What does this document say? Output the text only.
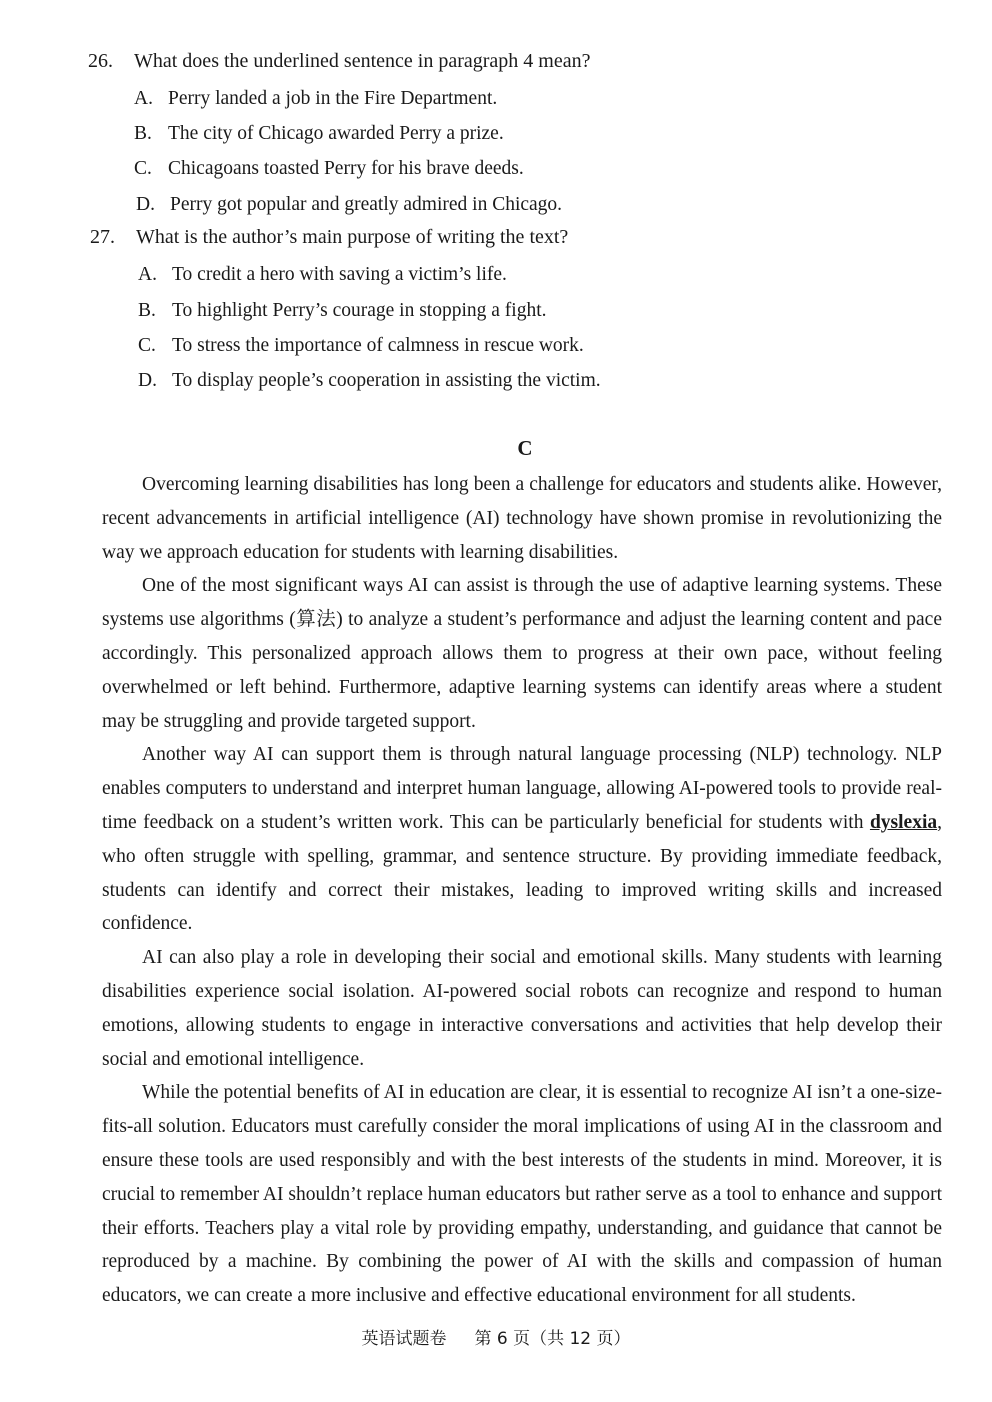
26. What does the underlined sentence in paragraph 4 mean?
A. Perry landed a job in the Fire Department.
B. The city of Chicago awarded Perry a prize.
C. Chicagoans toasted Perry for his brave deeds.
D. Perry got popular and greatly admired in Chicago.
27. What is the author’s main purpose of writing the text?
A. To credit a hero with saving a victim’s life.
B. To highlight Perry’s courage in stopping a fight.
C. To stress the importance of calmness in rescue work.
D. To display people’s cooperation in assisting the victim.
C

Overcoming learning disabilities has long been a challenge for educators and students alike. However, recent advancements in artificial intelligence (AI) technology have shown promise in revolutionizing the way we approach education for students with learning disabilities.

One of the most significant ways AI can assist is through the use of adaptive learning systems. These systems use algorithms (算法) to analyze a student’s performance and adjust the learning content and pace accordingly. This personalized approach allows them to progress at their own pace, without feeling overwhelmed or left behind. Furthermore, adaptive learning systems can identify areas where a student may be struggling and provide targeted support.

Another way AI can support them is through natural language processing (NLP) technology. NLP enables computers to understand and interpret human language, allowing AI-powered tools to provide real-time feedback on a student’s written work. This can be particularly beneficial for students with dyslexia, who often struggle with spelling, grammar, and sentence structure. By providing immediate feedback, students can identify and correct their mistakes, leading to improved writing skills and increased confidence.

AI can also play a role in developing their social and emotional skills. Many students with learning disabilities experience social isolation. AI-powered social robots can recognize and respond to human emotions, allowing students to engage in interactive conversations and activities that help develop their social and emotional intelligence.

While the potential benefits of AI in education are clear, it is essential to recognize AI isn’t a one-size-fits-all solution. Educators must carefully consider the moral implications of using AI in the classroom and ensure these tools are used responsibly and with the best interests of the students in mind. Moreover, it is crucial to remember AI shouldn’t replace human educators but rather serve as a tool to enhance and support their efforts. Teachers play a vital role by providing empathy, understanding, and guidance that cannot be reproduced by a machine. By combining the power of AI with the skills and compassion of human educators, we can create a more inclusive and effective educational environment for all students.

英语试题卷 第 6 页（共 12 页）
